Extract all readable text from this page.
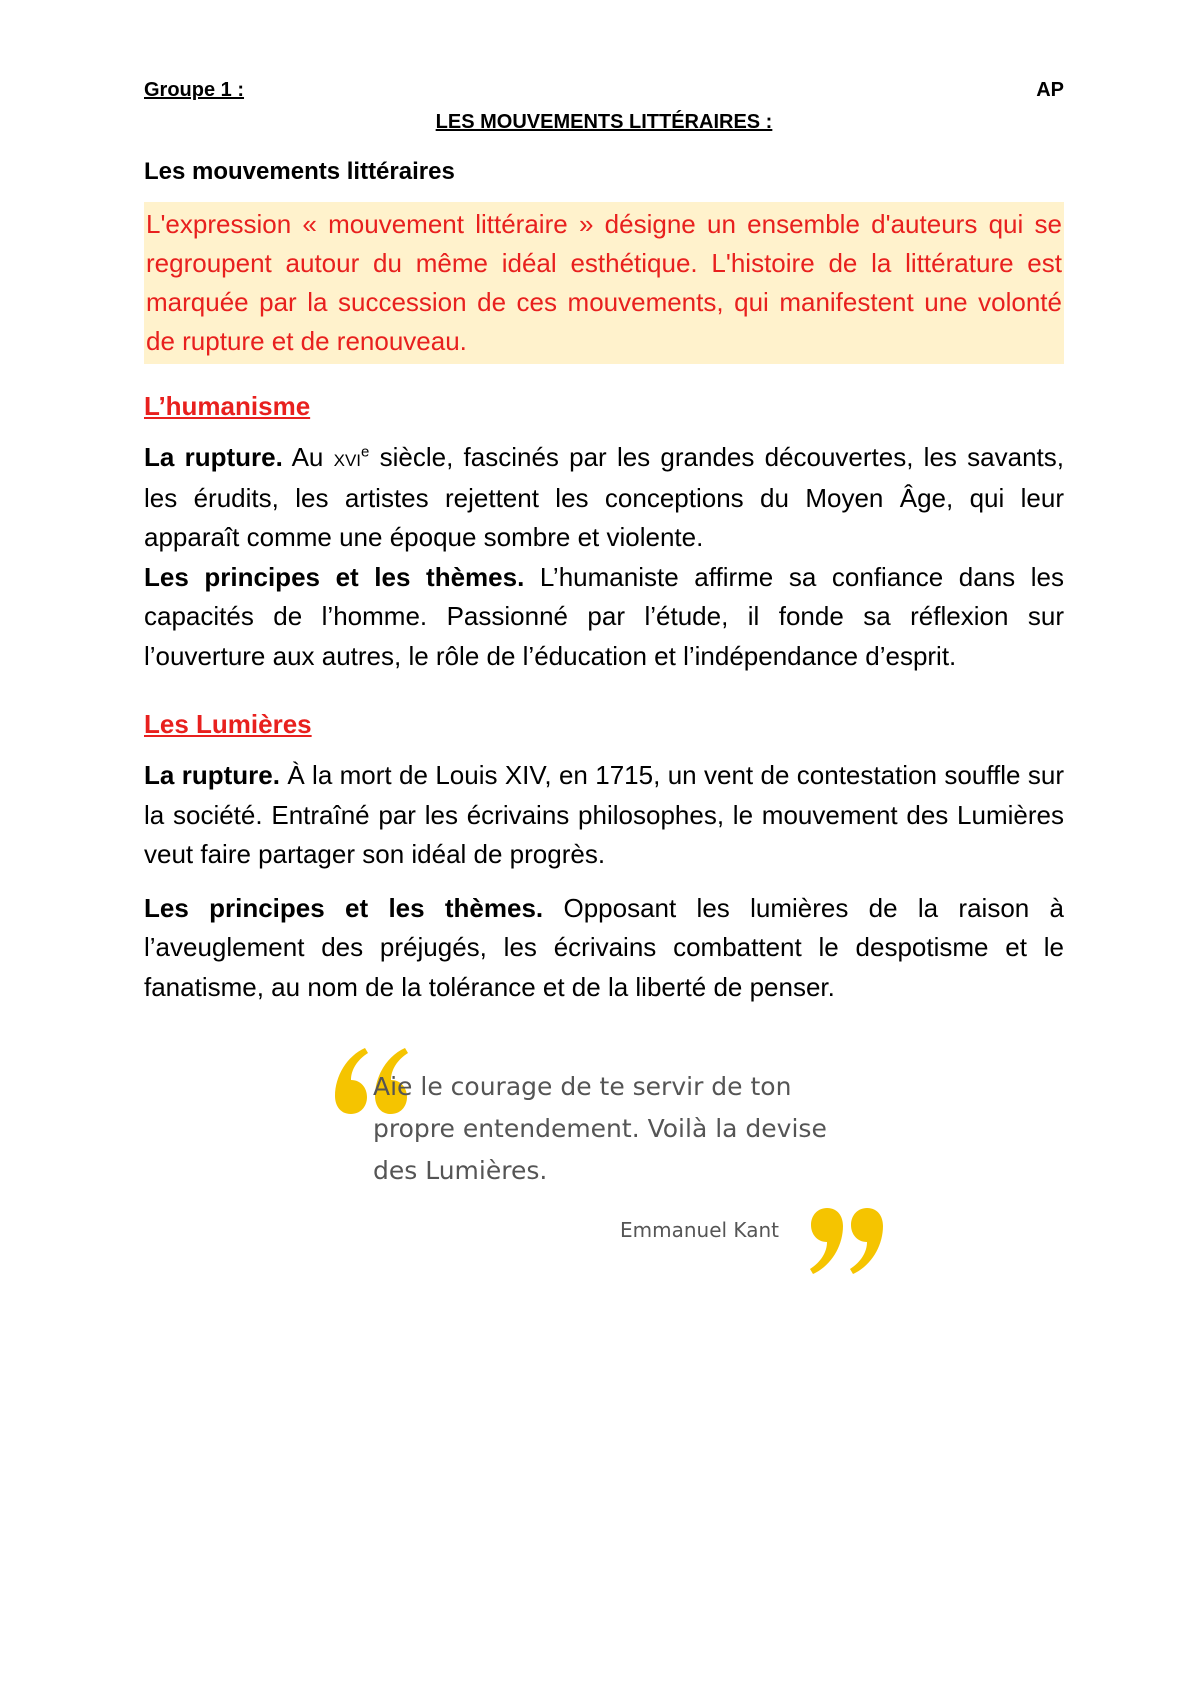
Groupe 1 :	AP
LES MOUVEMENTS LITTÉRAIRES :
Les mouvements littéraires
L'expression « mouvement littéraire » désigne un ensemble d'auteurs qui se regroupent autour du même idéal esthétique. L'histoire de la littérature est marquée par la succession de ces mouvements, qui manifestent une volonté de rupture et de renouveau.
L’humanisme
La rupture. Au xvi$^e$ siècle, fascinés par les grandes découvertes, les savants, les érudits, les artistes rejettent les conceptions du Moyen Âge, qui leur apparaît comme une époque sombre et violente.
Les principes et les thèmes. L’humaniste affirme sa confiance dans les capacités de l’homme. Passionné par l’étude, il fonde sa réflexion sur l’ouverture aux autres, le rôle de l’éducation et l’indépendance d’esprit.
Les Lumières
La rupture. À la mort de Louis XIV, en 1715, un vent de contestation souffle sur la société. Entraîné par les écrivains philosophes, le mouvement des Lumières veut faire partager son idéal de progrès.
Les principes et les thèmes. Opposant les lumières de la raison à l’aveuglement des préjugés, les écrivains combattent le despotisme et le fanatisme, au nom de la tolérance et de la liberté de penser.
Aie le courage de te servir de ton propre entendement. Voilà la devise des Lumières.
Emmanuel Kant
